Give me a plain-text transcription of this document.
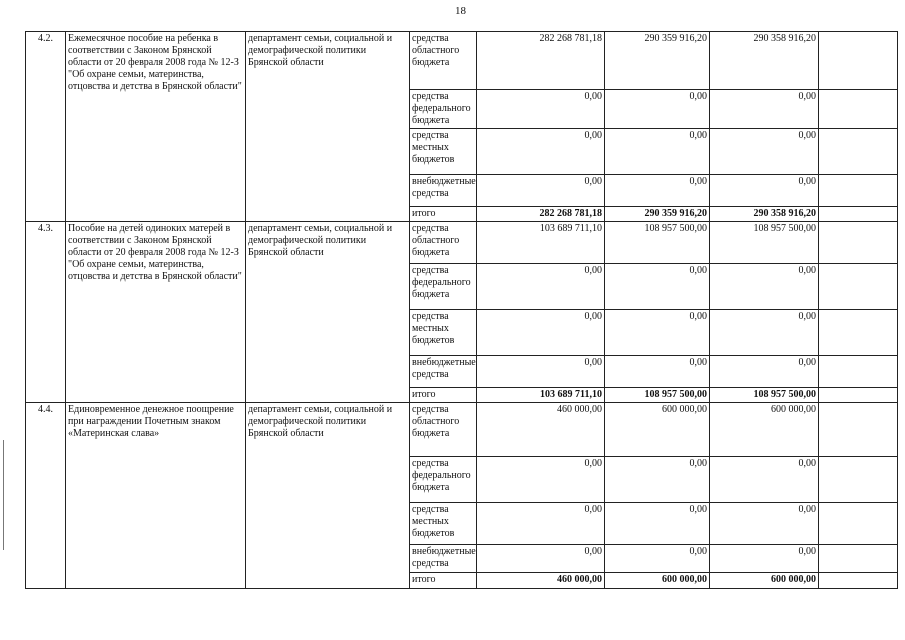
18
4.2.	Ежемесячное пособие на ребенка в соответствии с Законом Брянской области от 20 февраля 2008 года № 12-З "Об охране семьи, материнства, отцовства и детства в Брянской области"	департамент семьи, социальной и демографической политики Брянской области	средства областного бюджета	282 268 781,18	290 359 916,20	290 358 916,20	
			средства федерального бюджета	0,00	0,00	0,00	
			средства местных бюджетов	0,00	0,00	0,00	
			внебюджетные средства	0,00	0,00	0,00	
			итого	282 268 781,18	290 359 916,20	290 358 916,20	
4.3.	Пособие на детей одиноких матерей в соответствии с Законом Брянской области от 20 февраля 2008 года № 12-З "Об охране семьи, материнства, отцовства и детства в Брянской области"	департамент семьи, социальной и демографической политики Брянской области	средства областного бюджета	103 689 711,10	108 957 500,00	108 957 500,00	
			средства федерального бюджета	0,00	0,00	0,00	
			средства местных бюджетов	0,00	0,00	0,00	
			внебюджетные средства	0,00	0,00	0,00	
			итого	103 689 711,10	108 957 500,00	108 957 500,00	
4.4.	Единовременное денежное поощрение при награждении Почетным знаком «Материнская слава»	департамент семьи, социальной и демографической политики Брянской области	средства областного бюджета	460 000,00	600 000,00	600 000,00	
			средства федерального бюджета	0,00	0,00	0,00	
			средства местных бюджетов	0,00	0,00	0,00	
			внебюджетные средства	0,00	0,00	0,00	
			итого	460 000,00	600 000,00	600 000,00	
